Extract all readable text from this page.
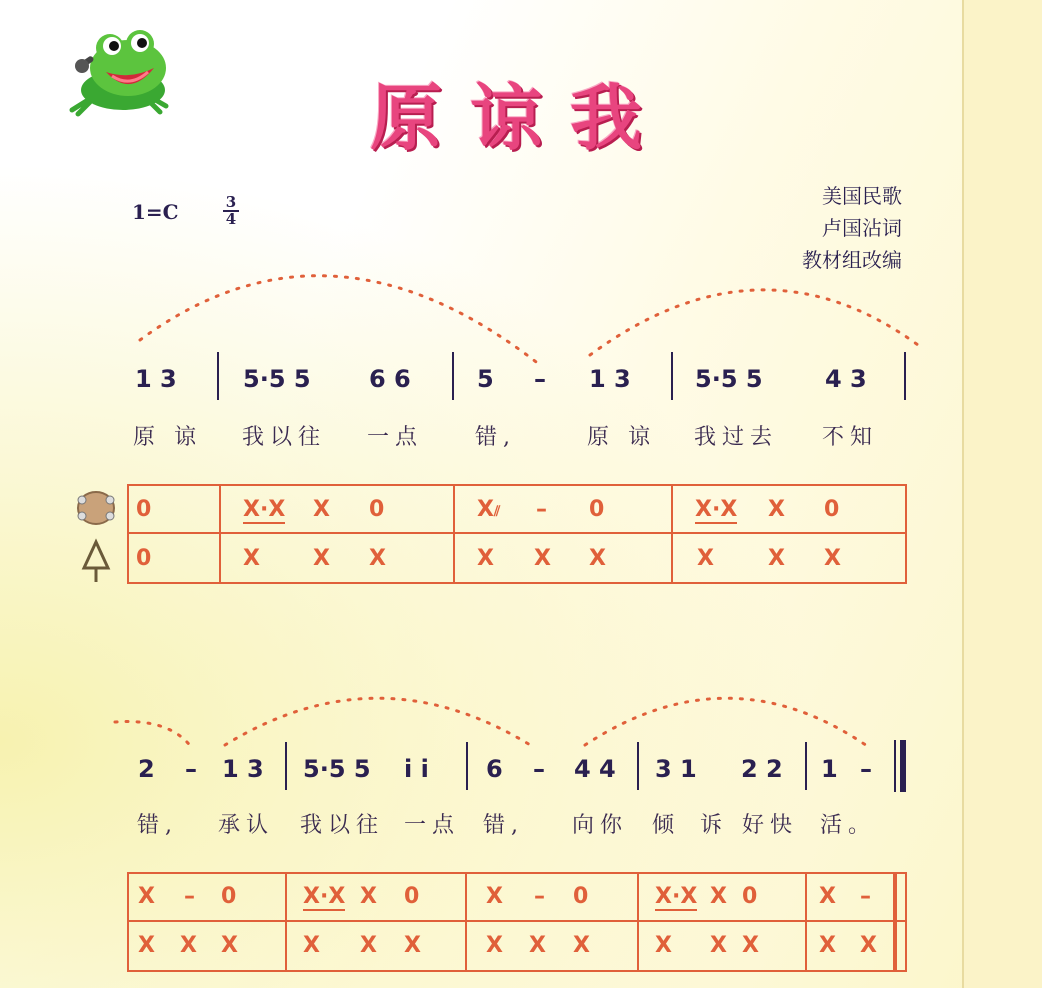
原谅我
1=C	3
4
美国民歌
卢国沾词
教材组改编
1 3	5·5 5 6 6	5 – 1 3	5·5 5	4 3
原 谅 我以往 一点 错,	原 谅 我过去 不知
0	X·X X 0	X ⫽ – 0	X·X X 0
0	X X X	X X X	X X X
2 – 1 3 5·5 5 i i 6 – 4 4 3 1 2 2 1 –
错, 承认 我以往 一点 错, 向你 倾 诉 好快 活。
X – 0	X·X X 0	X – 0	X·X X 0	X –
X X X	X X X	X X X	X X X	X X
